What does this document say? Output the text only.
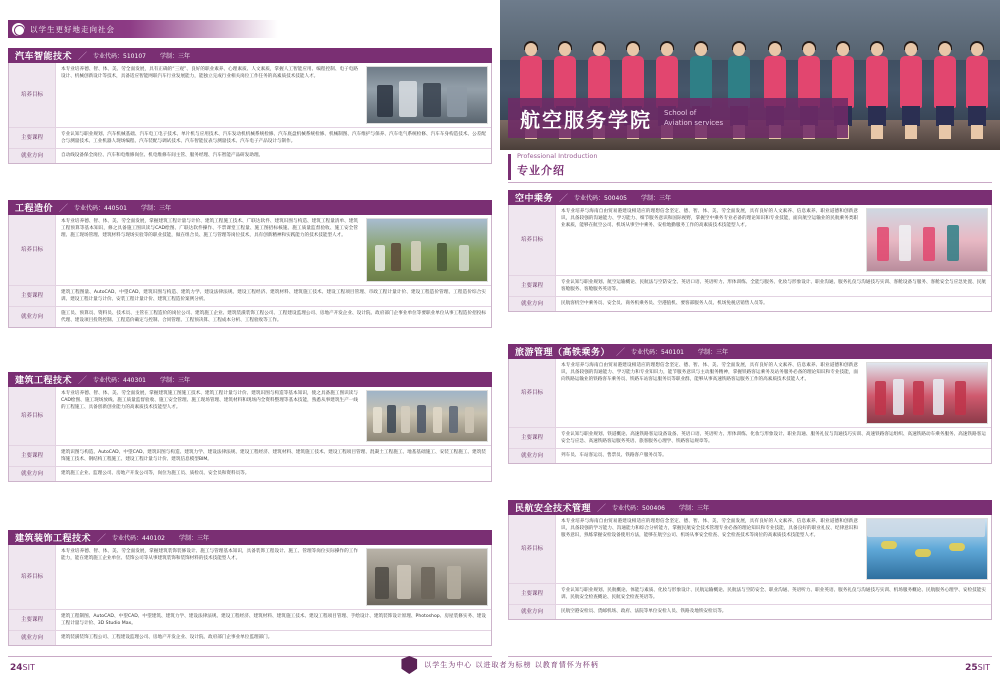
以学生更好地走向社会
汽车智能技术 ／ 专业代码：510107 学制：三年
培养目标
本专业培养德、智、体、美、劳全面发展，具有正确的“三观”、良好的职业素养、心理素质、人文素质，掌握人工智能应用、编程控制、电子电路设计、机械创新设计等技术，具备适应智能网联汽车行业发展能力，能独立完成行业相关岗位工作任务的高素质技术技能人才。
主要课程
专业认知与职业规划、汽车机械基础、汽车电工电子技术、单片机与应用技术、汽车发动机机械系统检修、汽车底盘机械系统检修、机械制图、汽车维护与保养、汽车电气系统检修、汽车车身构造技术、公差配合与测量技术、工业机器人现场编程、汽车装配与调试技术、汽车智能仪表与测量技术、汽车电子产品设计与制作。
就业方向	自动线设备保全岗位、汽车和电维修岗位、机电维修车间主管、服务经理、汽车智能产品研发助理。
工程造价 ／ 专业代码：440501 学制：三年
培养目标
本专业培养德、智、体、美、劳全面发展，掌握建筑工程计量与计价、建筑工程施工技术、广联达软件、建筑识图与构造、建筑工程量清单、建筑工程预算等基本知识，修之具备施工图识读与CAD绘图、广联达软件操作、不票课堂工程量、施工图招标核施、施工质量监督验收、施工安全管理、施工现场管理、建筑材料与现场实验等的职业技能，做在组合员、施工与管理等岗位技术，具有创新精神和实践能力的技术技能型人才。
主要课程
建筑工程图量、AutoCAD、中望CAD、建筑识图与构造、建筑力学、建设法律法规、建设工程经济、建筑材料、建筑施工技术、建设工程项目管理、市政工程计量计价、建设工程造价管理、工程造价综合实训、建设工程计量与计价、安装工程计量计价、建筑工程造价案例分析。
就业方向
施工员、预算员、资料员、技术员、主管在工程造价的岗位公司、建筑施工企业、建筑装潢装饰工程公司、工程建设监理公司、房地产开发企业、设计院、政府部门企事业单位等要职业单位从事工程造价招投标代理、建设项目投资控制、工程造价确定与控制、合同管理、工程预决算、工程成本分析、工程验收等工作。
建筑工程技术 ／ 专业代码：440301 学制：三年
培养目标
本专业培养德、智、体、美、劳全面发展，掌握建筑施工图施工技术、建筑工程计量与计价、建筑识图与构造等基本知识，使之具备施工图识读与CAD绘图、施工现场放线、施工质量监督验收、施工安全管理、施工现场管理、建筑材料和现场内全资料整理等基本技能，熟悉从事建筑生产一线的工程施工、具备创新创业能力的高素质技术技能型人才。
主要课程
建筑识图与构造、AutoCAD、中望CAD、建筑识图与构造、建筑力学、建设法律法规、建设工程经济、建筑材料、建筑施工技术、建设工程项目管理、混凝土工程施工、地基基础施工、安装工程施工、建筑装饰施工技术、钢结构工程施工、建设工程计量与计价、建筑信息模型BIM。
就业方向	建筑施工企业、监理公司、房地产开发公司等，岗位为施工员、质检员、安全员和资料员等。
建筑装饰工程技术 ／ 专业代码：440102 学制：三年
培养目标
本专业培养德、智、体、美、劳全面发展，掌握建筑装饰装修设计、施工与管理基本知识，具备装饰工程设计、施工、管理等岗位实际操作的工作能力，能在建筑施工企业单位、装饰公司等从事建筑装饰和装饰材料的技术技能型人才。
主要课程
建筑工程制图、AutoCAD、中望CAD、中望建筑、建筑力学、建设法律法规、建设工程经济、建筑材料、建筑施工技术、建设工程项目管理、手绘设计、建筑装饰设计原理、Photoshop、房屋装修实务、建设工程计量与计价、3D Studio Max。
就业方向	建筑装潢装饰工程公司、工程建设监理公司、房地产开发企业、设计院、政府部门企事业单位监理部门。
24SIT
航空服务学院 School of
Aviation services
Professional Introduction
专业介绍
空中乘务 ／ 专业代码：500405 学制：三年
培养目标
本专业培养与海南自由贸易港建设相适应的理想信念坚定、德、智、体、美、劳全面发展，具有良好的人文素养、信息素养、职业道德和创新意识，具备较强的沟通能力、学习能力、细节服务意识和国际视野，掌握空中乘务专业必备的理论知识和专业技能，面向航空运输业的民航乘务类职业素质，能够在航空公司、机场从事空中乘务、安检地勤服务工作的高素质技术技能型人才。
主要课程
专业认知与职业规划、航空运输概论、民航法与空防安全、英语口语、英语听力、形体训练、全能与服务、化妆与形象设计、职业沟通、服务礼仪与沟通技巧实训、客舱设备与服务、客舱安全与应急处置、民航客舱服务、客舱服务英语等。
就业方向	民航客机空中乘务员、安全员、商务机乘务员、空港值机、要客部服务人员、机场免税店销售人员等。
旅游管理（高铁乘务） ／ 专业代码：540101 学制：三年
培养目标
本专业培养与海南自由贸易港建设相适应的理想信念坚定、德、智、体、美、劳全面发展，具有良好的人文素养、信息素养、职业道德和创新意识，具备较强的沟通能力、学习能力和专业知识力，能节服务意识与主动服务精神，掌握铁路客运乘务及站务服务必备的理论知识和专业技能，面向铁路运输业的铁路客车乘务员、铁路车站客运服务员等职业群，能够从事高速铁路客运服务工作的高素质技术技能人才。
主要课程
专业认知与职业规划、铁道概论、高速铁路客运设备设备、英语口语、英语听力、形体训练、化妆与形象设计、职业沟通、服务礼仪与沟通技巧实训、高速铁路客运组织、高速铁路动车乘务服务、高速铁路客运安全与应急、高速铁路客运服务英语、旅客服务心理学、铁路客运规章等。
就业方向	列车员、车站客运员、售票员、铁路客户服务员等。
民航安全技术管理 ／ 专业代码：500406 学制：三年
培养目标
本专业培养与海南自由贸易港建设相适应的理想信念坚定、德、智、体、美、劳全面发展，具有良好的人文素养、信息素养、职业道德和创新意识，具备较强的学习能力、沟通能力和综合分析能力，掌握民航安全技术管理专业必备的理论知识和专业技能，具备良好的职业礼仪、纪律意识和服务意识，熟练掌握安检设备使用方法，能够在航空公司、机场从事安全检查、安全检查技术等岗位的高素质技术技能型人才。
主要课程
专业认知与职业规划、民航概论、体能与素质、化妆与形象设计、民航运输概论、民航法与空防安全、职业沟通、英语听力、职业英语、服务礼仪与沟通技巧实训、机场服务概论、民航服务心理学、安检技能实训、民航安全检查概论、民航安全检查英语等。
就业方向	民航空港安检员、货邮机场、政府、法院等单位安检人员、铁路及地铁安检员等。
25SIT
以学生为中心 以进取者为标榜 以教育情怀为杯柄
